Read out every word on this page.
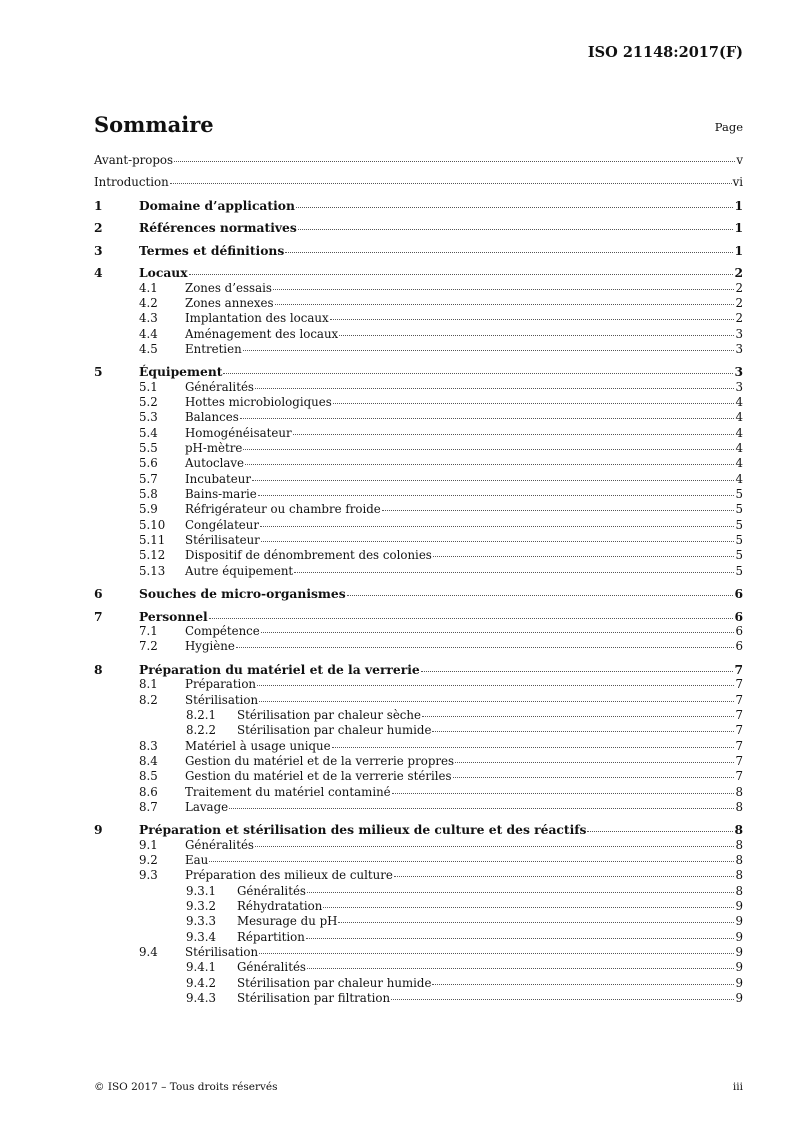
ISO 21148:2017(F)
Sommaire	Page
Avant-propos	v
Introduction	vi
1	Domaine d’application	1
2	Références normatives	1
3	Termes et définitions	1
4	Locaux	2
4.1 Zones d’essais	2
4.2 Zones annexes	2
4.3 Implantation des locaux	2
4.4 Aménagement des locaux	3
4.5 Entretien	3
5	Équipement	3
5.1 Généralités	3
5.2 Hottes microbiologiques	4
5.3 Balances	4
5.4 Homogénéisateur	4
5.5 pH-mètre	4
5.6 Autoclave	4
5.7 Incubateur	4
5.8 Bains-marie	5
5.9 Réfrigérateur ou chambre froide	5
5.10 Congélateur	5
5.11 Stérilisateur	5
5.12 Dispositif de dénombrement des colonies	5
5.13 Autre équipement	5
6	Souches de micro-organismes	6
7	Personnel	6
7.1 Compétence	6
7.2 Hygiène	6
8	Préparation du matériel et de la verrerie	7
8.1 Préparation	7
8.2 Stérilisation	7
8.2.1 Stérilisation par chaleur sèche	7
8.2.2 Stérilisation par chaleur humide	7
8.3 Matériel à usage unique	7
8.4 Gestion du matériel et de la verrerie propres	7
8.5 Gestion du matériel et de la verrerie stériles	7
8.6 Traitement du matériel contaminé	8
8.7 Lavage	8
9	Préparation et stérilisation des milieux de culture et des réactifs	8
9.1 Généralités	8
9.2 Eau	8
9.3 Préparation des milieux de culture	8
9.3.1 Généralités	8
9.3.2 Réhydratation	9
9.3.3 Mesurage du pH	9
9.3.4 Répartition	9
9.4 Stérilisation	9
9.4.1 Généralités	9
9.4.2 Stérilisation par chaleur humide	9
9.4.3 Stérilisation par filtration	9
© ISO 2017 – Tous droits réservés	iii
